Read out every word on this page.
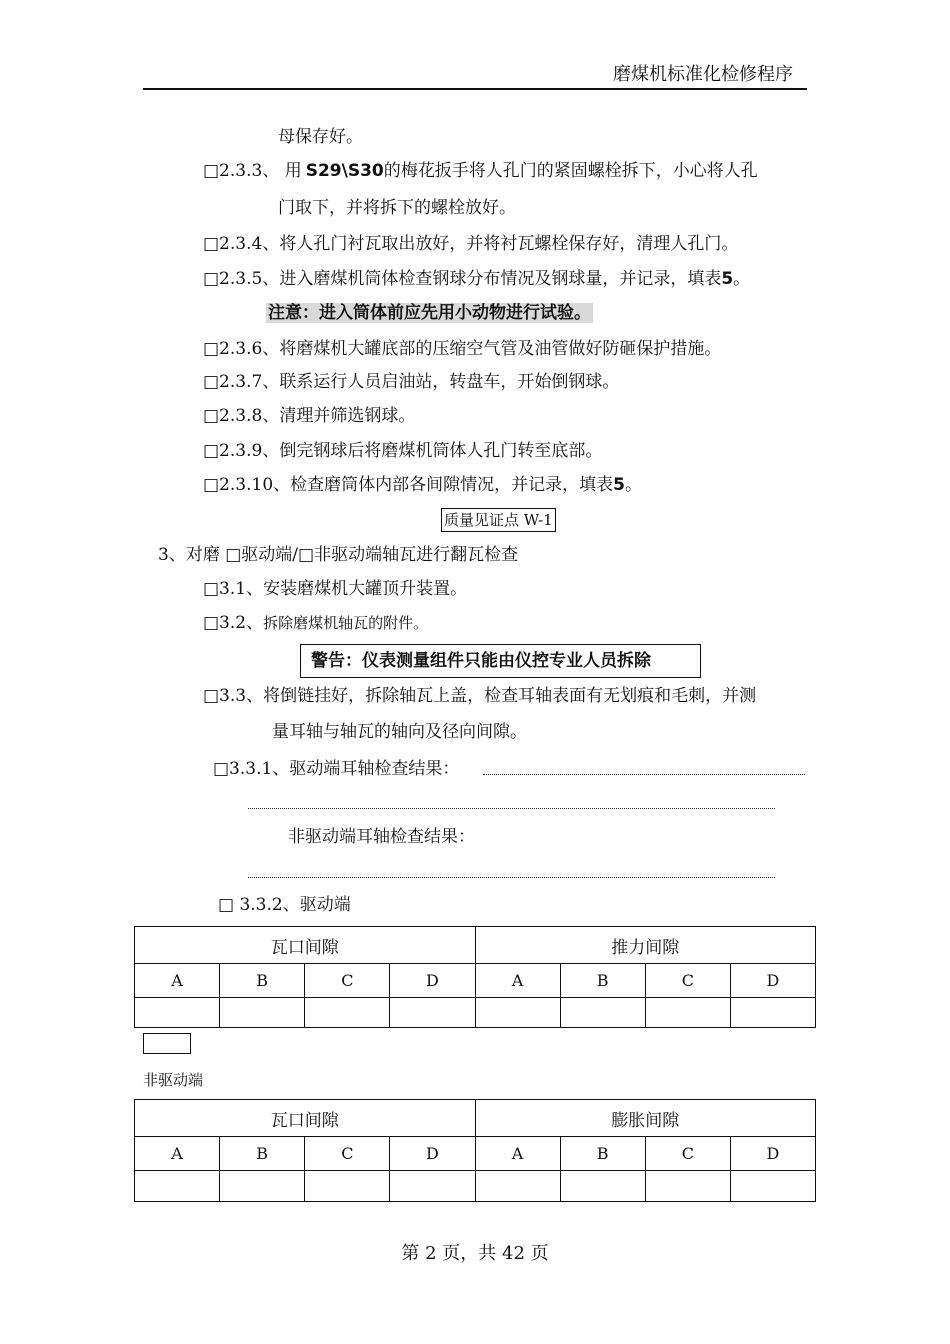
磨煤机标准化检修程序
母保存好。
□2.3.3、 用 S29\S30的梅花扳手将人孔门的紧固螺栓拆下，小心将人孔
门取下，并将拆下的螺栓放好。
□2.3.4、将人孔门衬瓦取出放好，并将衬瓦螺栓保存好，清理人孔门。
□2.3.5、进入磨煤机筒体检查钢球分布情况及钢球量，并记录，填表5。
注意：进入筒体前应先用小动物进行试验。
□2.3.6、将磨煤机大罐底部的压缩空气管及油管做好防砸保护措施。
□2.3.7、联系运行人员启油站，转盘车，开始倒钢球。
□2.3.8、清理并筛选钢球。
□2.3.9、倒完钢球后将磨煤机筒体人孔门转至底部。
□2.3.10、检查磨筒体内部各间隙情况，并记录，填表5。
质量见证点 W-1
3、对磨 □驱动端/□非驱动端轴瓦进行翻瓦检查
□3.1、安装磨煤机大罐顶升装置。
□3.2、拆除磨煤机轴瓦的附件。
警告：仪表测量组件只能由仪控专业人员拆除
□3.3、将倒链挂好，拆除轴瓦上盖，检查耳轴表面有无划痕和毛刺，并测
量耳轴与轴瓦的轴向及径向间隙。
□3.3.1、驱动端耳轴检查结果：
非驱动端耳轴检查结果：
□ 3.3.2、驱动端
瓦口间隙				推力间隙			
A	B	C	D	A	B	C	D

非驱动端
瓦口间隙				膨胀间隙			
A	B	C	D	A	B	C	D

第 2 页，共 42 页
